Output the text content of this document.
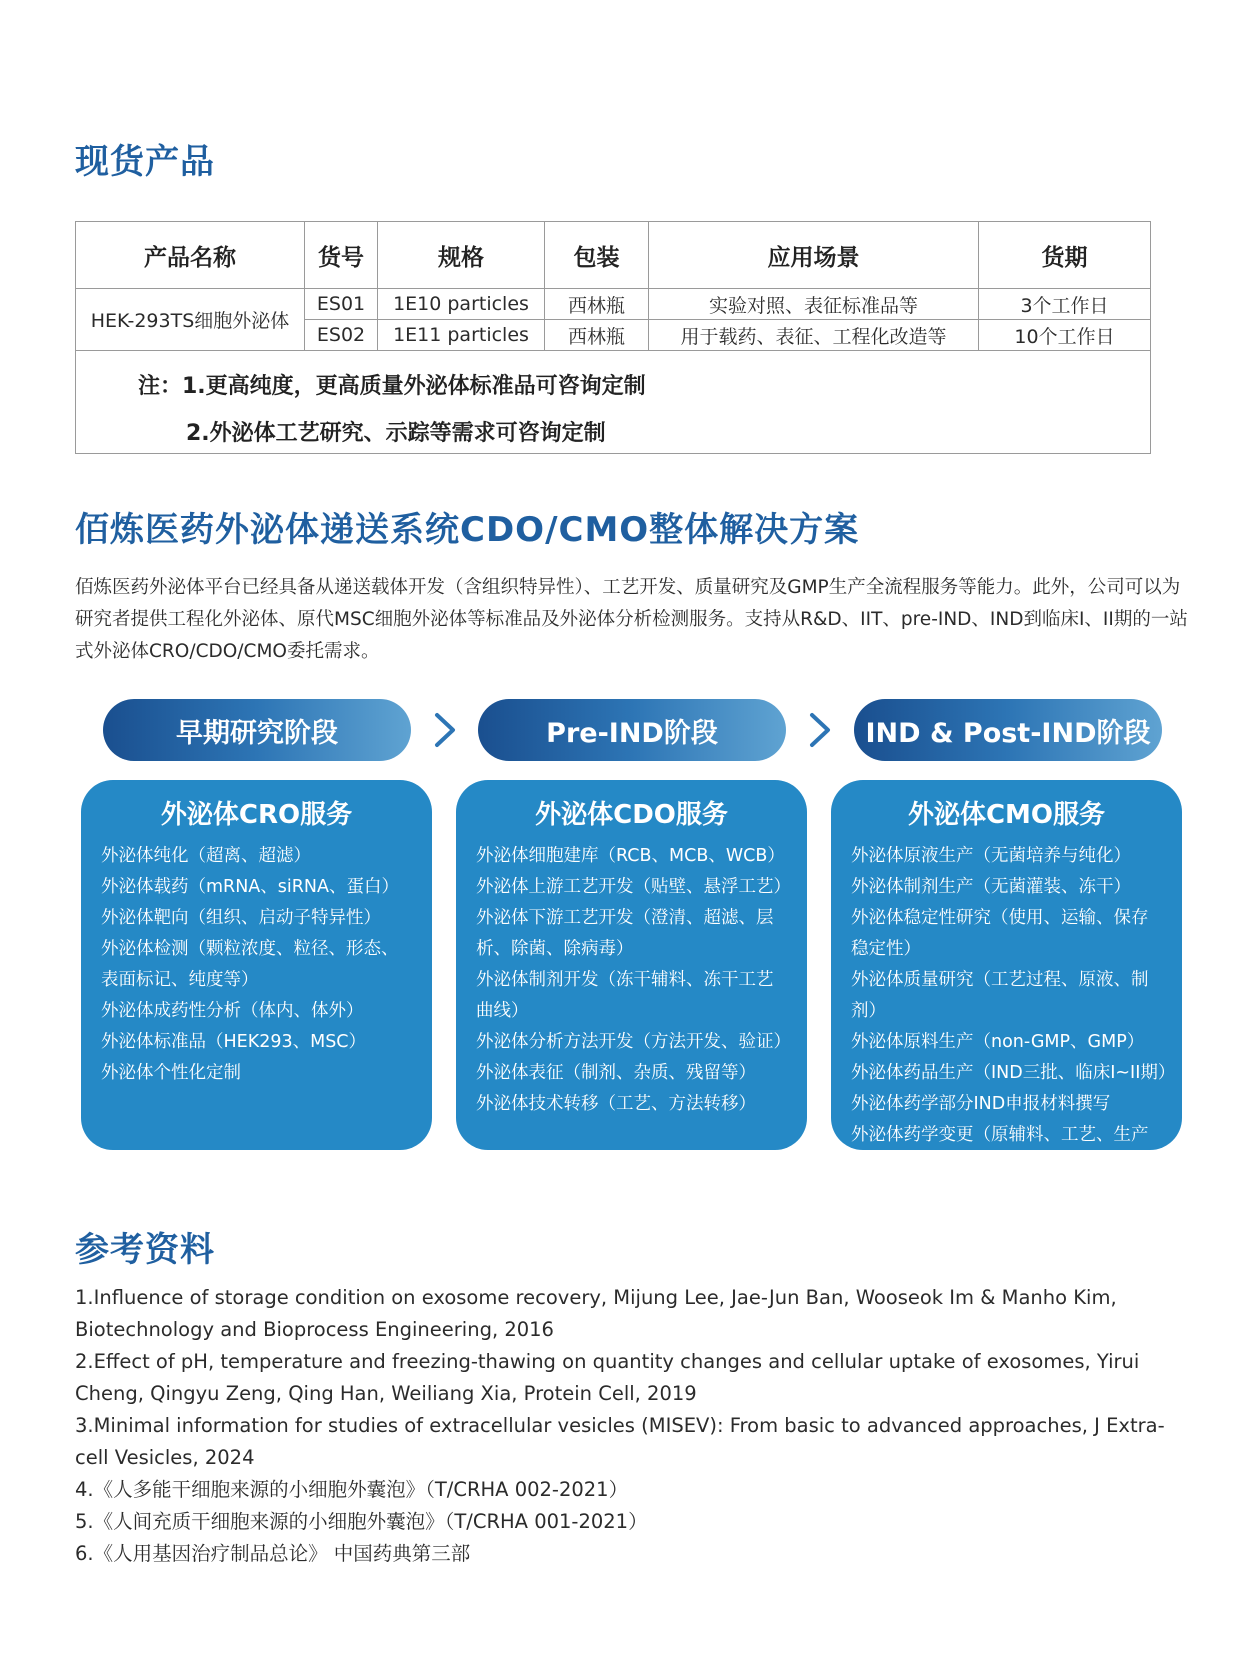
现货产品
产品名称	货号	规格	包装	应用场景	货期
HEK-293TS细胞外泌体	ES01	1E10 particles	西林瓶	实验对照、表征标准品等	3个工作日
	ES02	1E11 particles	西林瓶	用于载药、表征、工程化改造等	10个工作日

注：1.更高纯度，更高质量外泌体标准品可咨询定制
2.外泌体工艺研究、示踪等需求可咨询定制					
佰炼医药外泌体递送系统CDO/CMO整体解决方案

佰炼医药外泌体平台已经具备从递送载体开发（含组织特异性）、工艺开发、质量研究及GMP生产全流程服务等能力。此外，公司可以为研究者提供工程化外泌体、原代MSC细胞外泌体等标准品及外泌体分析检测服务。支持从R&D、IIT、pre-IND、IND到临床I、II期的一站式外泌体CRO/CDO/CMO委托需求。

早期研究阶段	Pre-IND阶段	IND & Post-IND阶段
外泌体CRO服务
外泌体纯化（超离、超滤）
外泌体载药（mRNA、siRNA、蛋白）
外泌体靶向（组织、启动子特异性）
外泌体检测（颗粒浓度、粒径、形态、
表面标记、纯度等）
外泌体成药性分析（体内、体外）
外泌体标准品（HEK293、MSC）
外泌体个性化定制
外泌体CDO服务
外泌体细胞建库（RCB、MCB、WCB）
外泌体上游工艺开发（贴壁、悬浮工艺）
外泌体下游工艺开发（澄清、超滤、层
析、除菌、除病毒）
外泌体制剂开发（冻干辅料、冻干工艺
曲线）
外泌体分析方法开发（方法开发、验证）
外泌体表征（制剂、杂质、残留等）
外泌体技术转移（工艺、方法转移）
外泌体CMO服务
外泌体原液生产（无菌培养与纯化）
外泌体制剂生产（无菌灌装、冻干）
外泌体稳定性研究（使用、运输、保存
稳定性）
外泌体质量研究（工艺过程、原液、制剂）
外泌体原料生产（non-GMP、GMP）
外泌体药品生产（IND三批、临床I~II期）
外泌体药学部分IND申报材料撰写
外泌体药学变更（原辅料、工艺、生产
环境）
参考资料
1.Influence of storage condition on exosome recovery, Mijung Lee, Jae-Jun Ban, Wooseok Im & Manho Kim,
Biotechnology and Bioprocess Engineering, 2016
2.Effect of pH, temperature and freezing-thawing on quantity changes and cellular uptake of exosomes, Yirui
Cheng, Qingyu Zeng, Qing Han, Weiliang Xia, Protein Cell, 2019
3.Minimal information for studies of extracellular vesicles (MISEV): From basic to advanced approaches, J Extra-
cell Vesicles, 2024
4.《人多能干细胞来源的小细胞外囊泡》（T/CRHA 002-2021）
5.《人间充质干细胞来源的小细胞外囊泡》（T/CRHA 001-2021）
6.《人用基因治疗制品总论》 中国药典第三部
